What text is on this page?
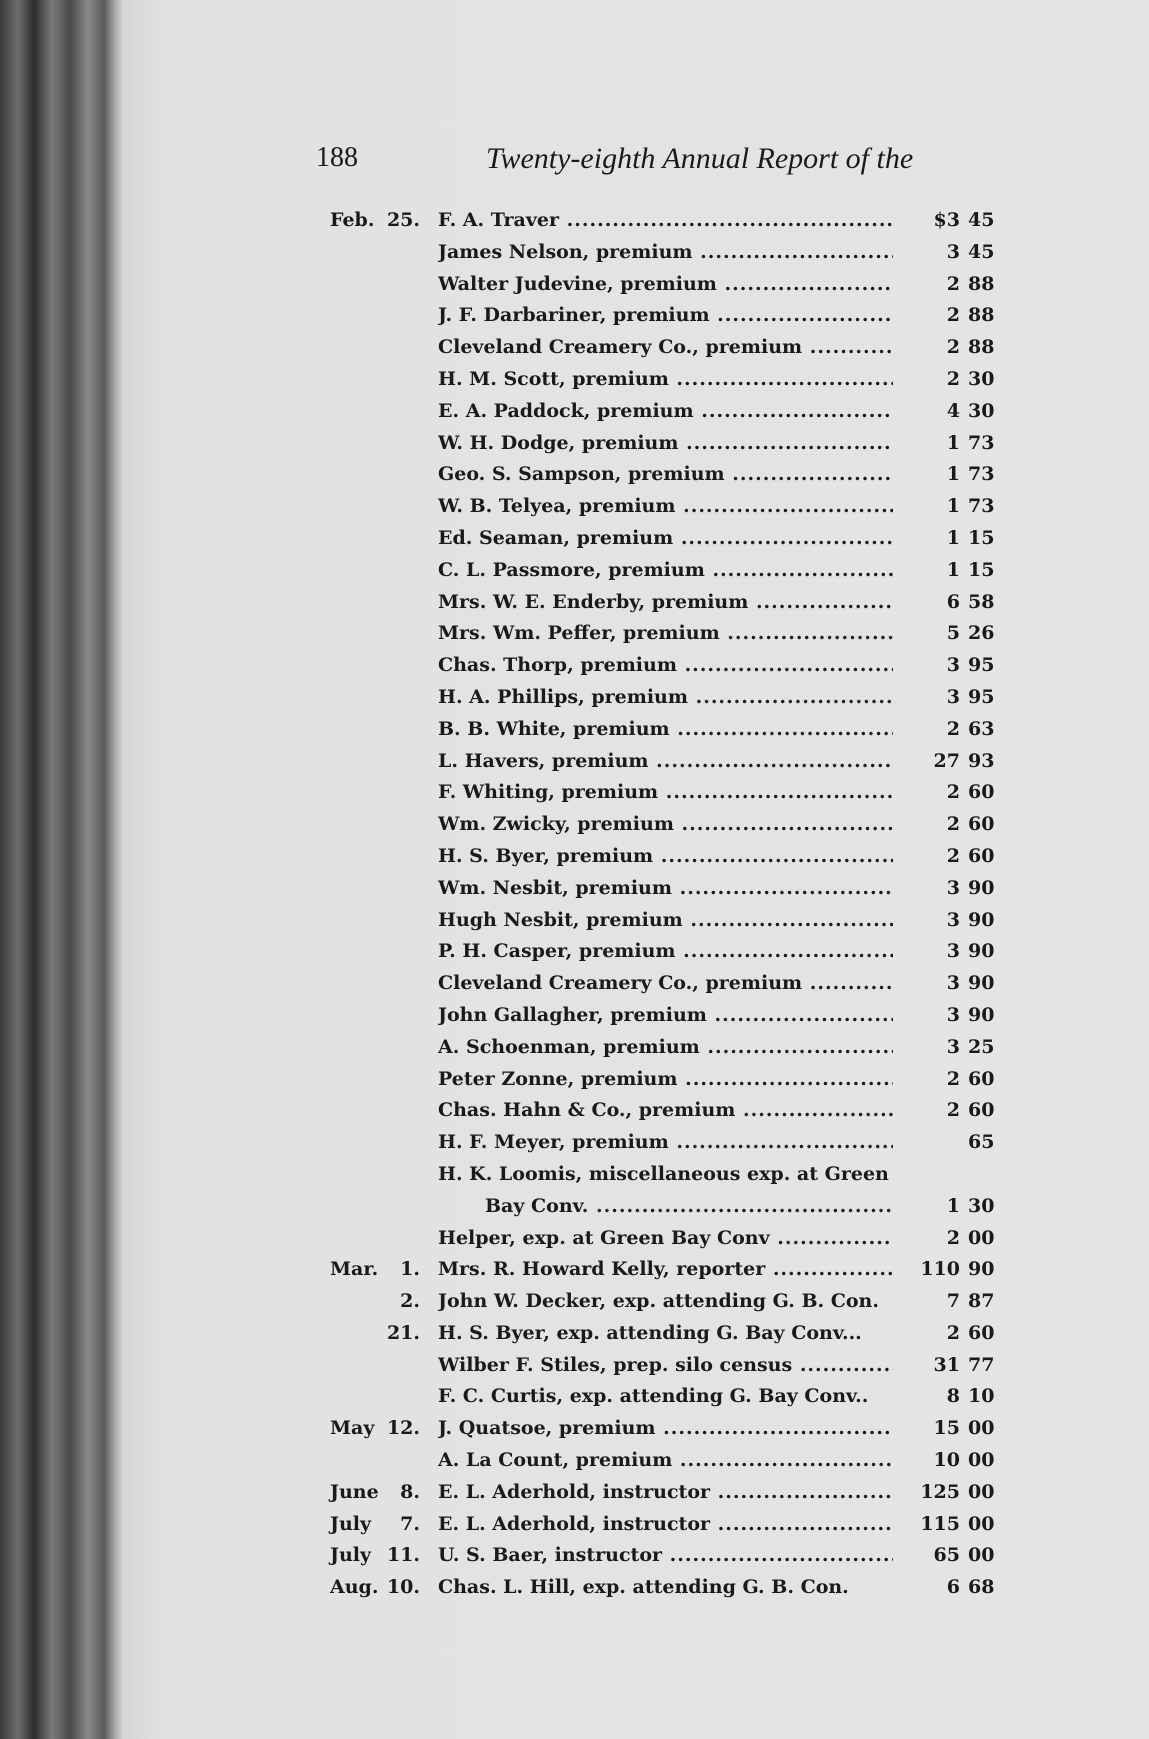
188	Twenty-eighth Annual Report of the
Feb. 25. F. A. Traver .....	$3 45
James Nelson, premium .....	3 45
Walter Judevine, premium .....	2 88
J. F. Darbariner, premium .....	2 88
Cleveland Creamery Co., premium .....	2 88
H. M. Scott, premium .....	2 30
E. A. Paddock, premium .....	4 30
W. H. Dodge, premium .....	1 73
Geo. S. Sampson, premium .....	1 73
W. B. Telyea, premium .....	1 73
Ed. Seaman, premium .....	1 15
C. L. Passmore, premium .....	1 15
Mrs. W. E. Enderby, premium .....	6 58
Mrs. Wm. Peffer, premium .....	5 26
Chas. Thorp, premium .....	3 95
H. A. Phillips, premium .....	3 95
B. B. White, premium .....	2 63
L. Havers, premium .....	27 93
F. Whiting, premium .....	2 60
Wm. Zwicky, premium .....	2 60
H. S. Byer, premium .....	2 60
Wm. Nesbit, premium .....	3 90
Hugh Nesbit, premium .....	3 90
P. H. Casper, premium .....	3 90
Cleveland Creamery Co., premium .....	3 90
John Gallagher, premium .....	3 90
A. Schoenman, premium .....	3 25
Peter Zonne, premium .....	2 60
Chas. Hahn & Co., premium .....	2 60
H. F. Meyer, premium .....	65
H. K. Loomis, miscellaneous exp. at Green
Bay Conv. .....	1 30
Helper, exp. at Green Bay Conv .....	2 00
Mar.	1. Mrs. R. Howard Kelly, reporter .....	110 90
2. John W. Decker, exp. attending G. B. Con.	7 87
21. H. S. Byer, exp. attending G. Bay Conv...	2 60
Wilber F. Stiles, prep. silo census .....	31 77
F. C. Curtis, exp. attending G. Bay Conv..	8 10
May 12. J. Quatsoe, premium .....	15 00
A. La Count, premium .....	10 00
June	8. E. L. Aderhold, instructor .....	125 00
July	7. E. L. Aderhold, instructor .....	115 00
July 11. U. S. Baer, instructor .....	65 00
Aug. 10. Chas. L. Hill, exp. attending G. B. Con.	6 68
